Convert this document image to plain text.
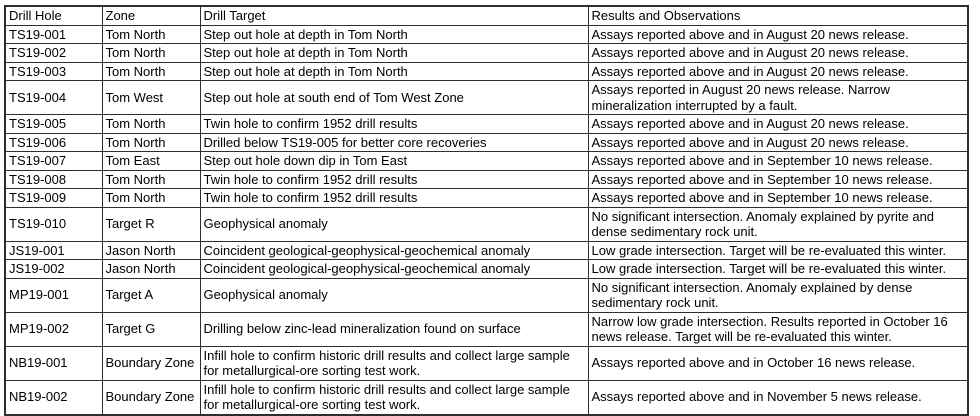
Drill Hole	Zone	Drill Target	Results and Observations
TS19-001	Tom North	Step out hole at depth in Tom North	Assays reported above and in August 20 news release.
TS19-002	Tom North	Step out hole at depth in Tom North	Assays reported above and in August 20 news release.
TS19-003	Tom North	Step out hole at depth in Tom North	Assays reported above and in August 20 news release.
TS19-004	Tom West	Step out hole at south end of Tom West Zone	Assays reported in August 20 news release. Narrow mineralization interrupted by a fault.
TS19-005	Tom North	Twin hole to confirm 1952 drill results	Assays reported above and in August 20 news release.
TS19-006	Tom North	Drilled below TS19-005 for better core recoveries	Assays reported above and in August 20 news release.
TS19-007	Tom East	Step out hole down dip in Tom East	Assays reported above and in September 10 news release.
TS19-008	Tom North	Twin hole to confirm 1952 drill results	Assays reported above and in September 10 news release.
TS19-009	Tom North	Twin hole to confirm 1952 drill results	Assays reported above and in September 10 news release.
TS19-010	Target R	Geophysical anomaly	No significant intersection. Anomaly explained by pyrite and dense sedimentary rock unit.
JS19-001	Jason North	Coincident geological-geophysical-geochemical anomaly	Low grade intersection. Target will be re-evaluated this winter.
JS19-002	Jason North	Coincident geological-geophysical-geochemical anomaly	Low grade intersection. Target will be re-evaluated this winter.
MP19-001	Target A	Geophysical anomaly	No significant intersection. Anomaly explained by dense sedimentary rock unit.
MP19-002	Target G	Drilling below zinc-lead mineralization found on surface	Narrow low grade intersection. Results reported in October 16 news release. Target will be re-evaluated this winter.
NB19-001	Boundary Zone	Infill hole to confirm historic drill results and collect large sample for metallurgical-ore sorting test work.	Assays reported above and in October 16 news release.
NB19-002	Boundary Zone	Infill hole to confirm historic drill results and collect large sample for metallurgical-ore sorting test work.	Assays reported above and in November 5 news release.
